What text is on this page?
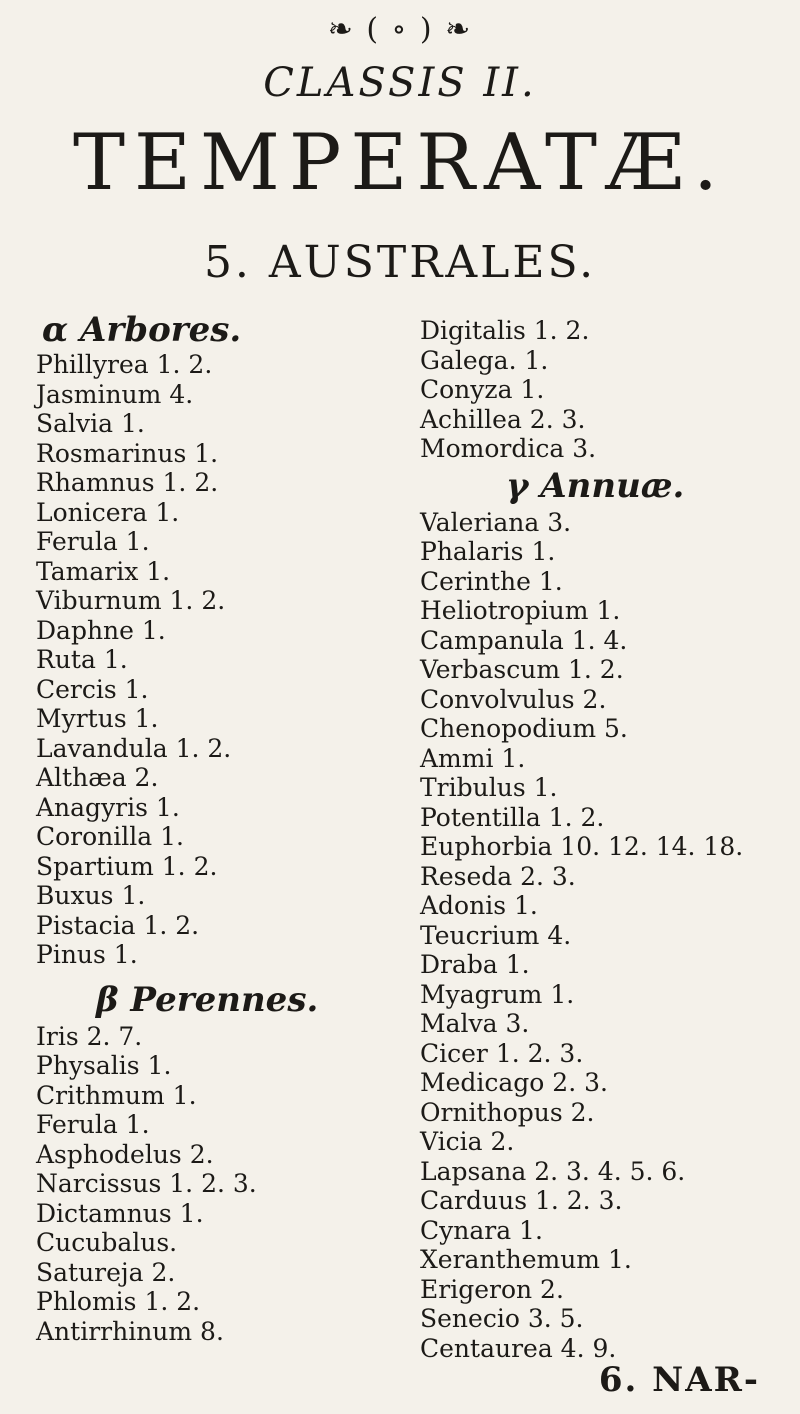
❧ ( ∘ ) ❧
CLASSIS II.
TEMPERATÆ.
5. AUSTRALES.
α Arbores.
Phillyrea 1. 2.
Jasminum 4.
Salvia 1.
Rosmarinus 1.
Rhamnus 1. 2.
Lonicera 1.
Ferula 1.
Tamarix 1.
Viburnum 1. 2.
Daphne 1.
Ruta 1.
Cercis 1.
Myrtus 1.
Lavandula 1. 2.
Althæa 2.
Anagyris 1.
Coronilla 1.
Spartium 1. 2.
Buxus 1.
Pistacia 1. 2.
Pinus 1.
β Perennes.
Iris 2. 7.
Physalis 1.
Crithmum 1.
Ferula 1.
Asphodelus 2.
Narcissus 1. 2. 3.
Dictamnus 1.
Cucubalus.
Satureja 2.
Phlomis 1. 2.
Antirrhinum 8.
Digitalis 1. 2.
Galega. 1.
Conyza 1.
Achillea 2. 3.
Momordica 3.
γ Annuæ.
Valeriana 3.
Phalaris 1.
Cerinthe 1.
Heliotropium 1.
Campanula 1. 4.
Verbascum 1. 2.
Convolvulus 2.
Chenopodium 5.
Ammi 1.
Tribulus 1.
Potentilla 1. 2.
Euphorbia 10. 12. 14. 18.
Reseda 2. 3.
Adonis 1.
Teucrium 4.
Draba 1.
Myagrum 1.
Malva 3.
Cicer 1. 2. 3.
Medicago 2. 3.
Ornithopus 2.
Vicia 2.
Lapsana 2. 3. 4. 5. 6.
Carduus 1. 2. 3.
Cynara 1.
Xeranthemum 1.
Erigeron 2.
Senecio 3. 5.
Centaurea 4. 9.
6. NAR-
